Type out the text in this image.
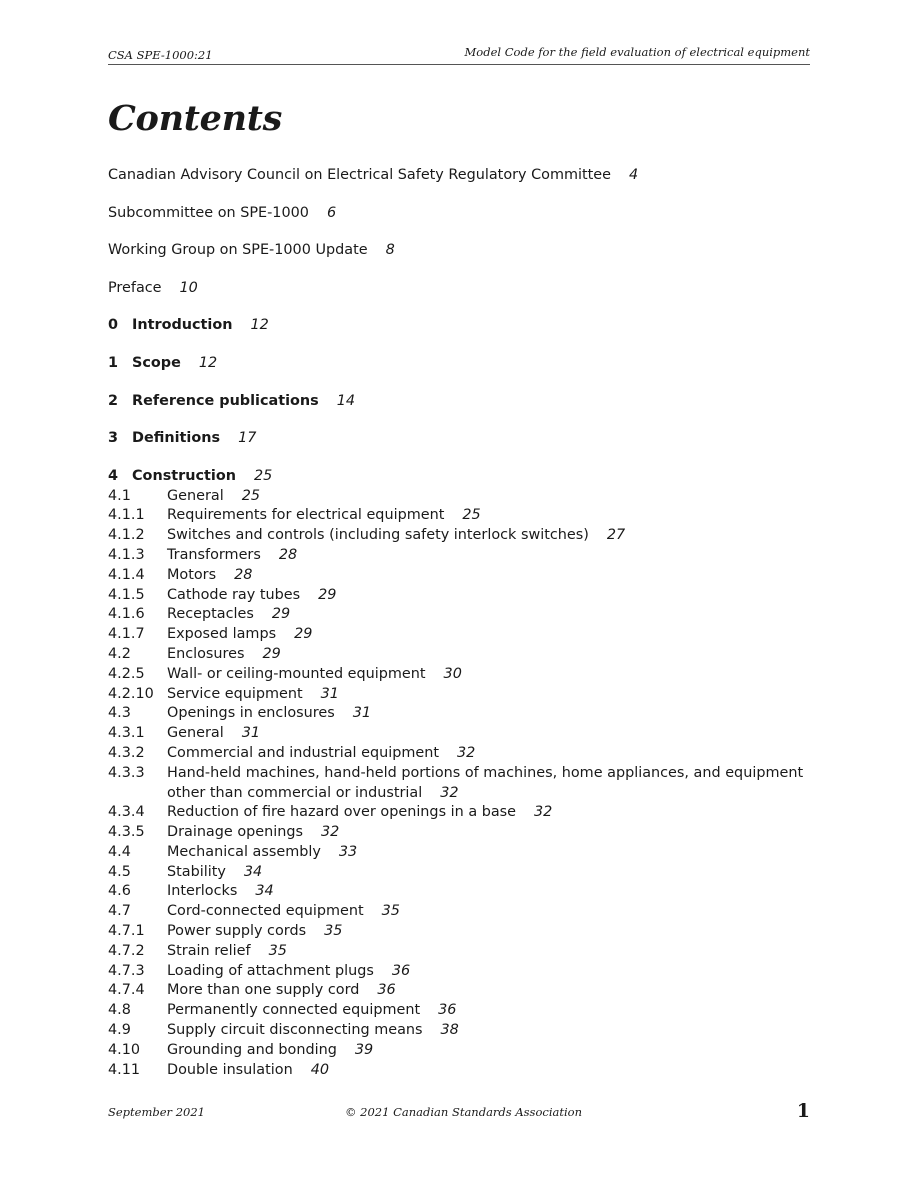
CSA SPE-1000:21	Model Code for the field evaluation of electrical equipment
Contents
Canadian Advisory Council on Electrical Safety Regulatory Committee 4
Subcommittee on SPE-1000 6
Working Group on SPE-1000 Update 8
Preface 10
0 Introduction 12
1 Scope 12
2 Reference publications 14
3 Definitions 17
4 Construction 25
4.1	General 25
4.1.1	Requirements for electrical equipment 25
4.1.2	Switches and controls (including safety interlock switches) 27
4.1.3	Transformers 28
4.1.4	Motors 28
4.1.5	Cathode ray tubes 29
4.1.6	Receptacles 29
4.1.7	Exposed lamps 29
4.2	Enclosures 29
4.2.5	Wall- or ceiling-mounted equipment 30
4.2.10 Service equipment 31
4.3	Openings in enclosures 31
4.3.1	General 31
4.3.2	Commercial and industrial equipment 32
4.3.3	Hand-held machines, hand-held portions of machines, home appliances, and equipment other than commercial or industrial 32
4.3.4	Reduction of fire hazard over openings in a base 32
4.3.5	Drainage openings 32
4.4	Mechanical assembly 33
4.5	Stability 34
4.6	Interlocks 34
4.7	Cord-connected equipment 35
4.7.1	Power supply cords 35
4.7.2	Strain relief 35
4.7.3	Loading of attachment plugs 36
4.7.4	More than one supply cord 36
4.8	Permanently connected equipment 36
4.9	Supply circuit disconnecting means 38
4.10	Grounding and bonding 39
4.11	Double insulation 40
September 2021	© 2021 Canadian Standards Association	1
